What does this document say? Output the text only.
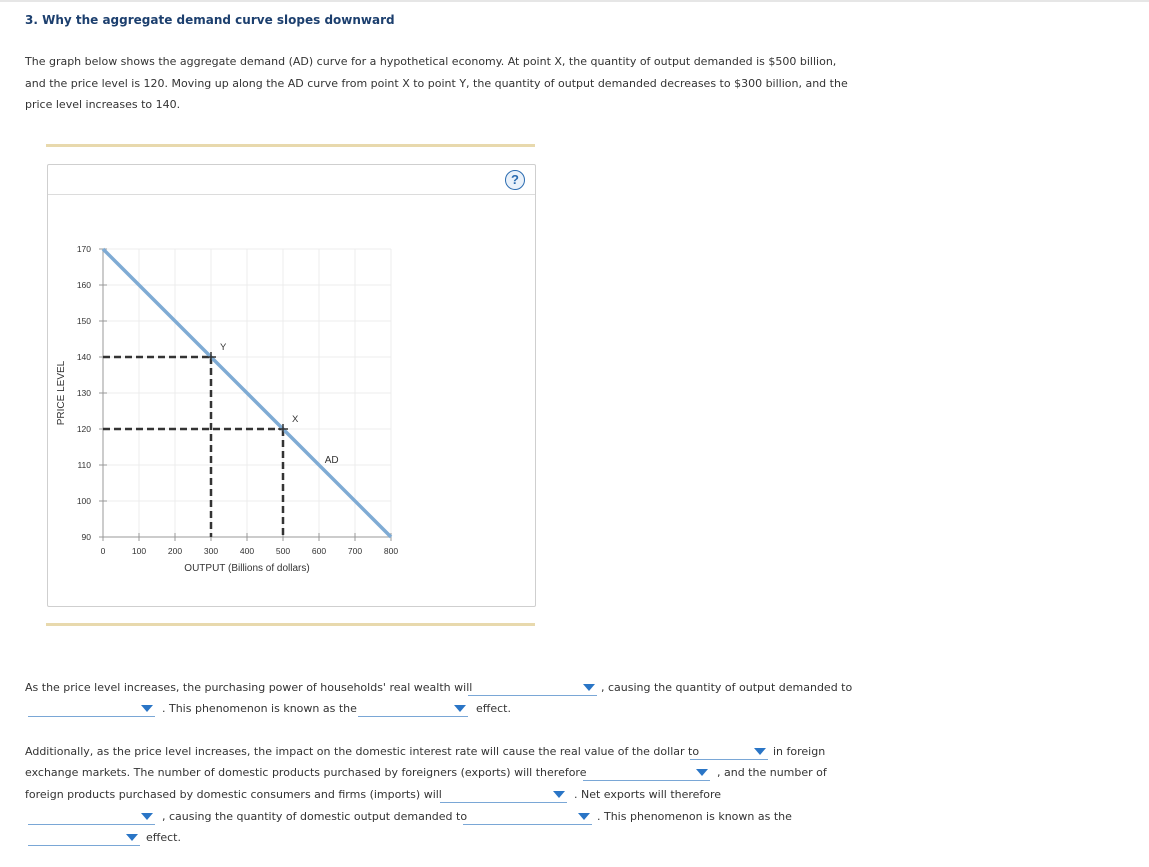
3. Why the aggregate demand curve slopes downward
The graph below shows the aggregate demand (AD) curve for a hypothetical economy. At point X, the quantity of output demanded is $500 billion,
and the price level is 120. Moving up along the AD curve from point X to point Y, the quantity of output demanded decreases to $300 billion, and the
price level increases to 140.
?
0	100	200	300	400	500	600	700	800
170
160
150
140
130
120
110
100
90
OUTPUT (Billions of dollars)
PRICE LEVEL
AD
Y
X
As the price level increases, the purchasing power of households' real wealth will	, causing the quantity of output demanded to
. This phenomenon is known as the	effect.
Additionally, as the price level increases, the impact on the domestic interest rate will cause the real value of the dollar to	in foreign
exchange markets. The number of domestic products purchased by foreigners (exports) will therefore	, and the number of
foreign products purchased by domestic consumers and firms (imports) will	. Net exports will therefore
, causing the quantity of domestic output demanded to	. This phenomenon is known as the
effect.
